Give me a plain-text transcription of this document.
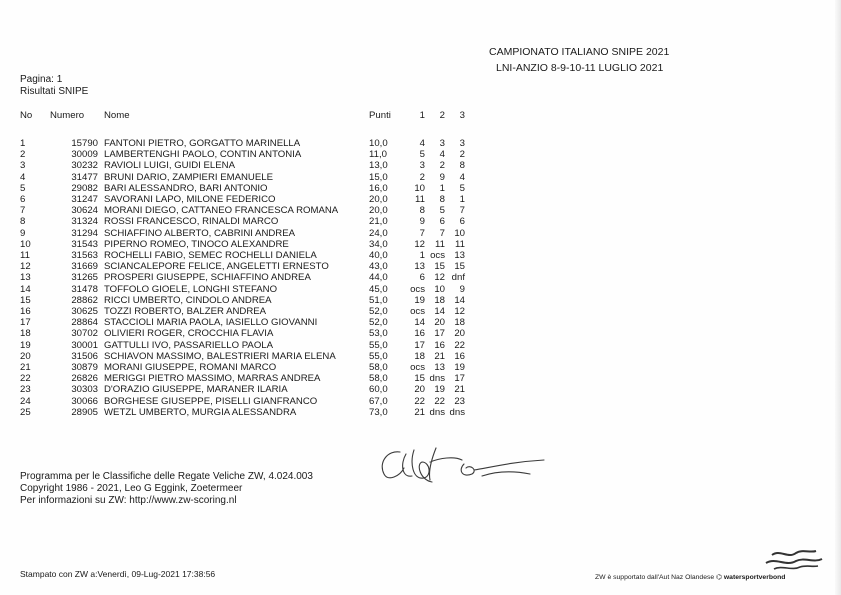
CAMPIONATO ITALIANO SNIPE 2021
LNI-ANZIO 8-9-10-11 LUGLIO 2021
Pagina: 1
Risultati SNIPE
No	Numero	Nome	Punti	1	2	3

1	15790	FANTONI PIETRO, GORGATTO MARINELLA	10,0	4	3	3
2	30009	LAMBERTENGHI PAOLO, CONTIN ANTONIA	11,0	5	4	2
3	30232	RAVIOLI LUIGI, GUIDI ELENA	13,0	3	2	8
4	31477	BRUNI DARIO, ZAMPIERI EMANUELE	15,0	2	9	4
5	29082	BARI ALESSANDRO, BARI ANTONIO	16,0	10	1	5
6	31247	SAVORANI LAPO, MILONE FEDERICO	20,0	11	8	1
7	30624	MORANI DIEGO, CATTANEO FRANCESCA ROMANA	20,0	8	5	7
8	31324	ROSSI FRANCESCO, RINALDI MARCO	21,0	9	6	6
9	31294	SCHIAFFINO ALBERTO, CABRINI ANDREA	24,0	7	7	10
10	31543	PIPERNO ROMEO, TINOCO ALEXANDRE	34,0	12	11	11
11	31563	ROCHELLI FABIO, SEMEC ROCHELLI DANIELA	40,0	1	ocs	13
12	31669	SCIANCALEPORE FELICE, ANGELETTI ERNESTO	43,0	13	15	15
13	31265	PROSPERI GIUSEPPE, SCHIAFFINO ANDREA	44,0	6	12	dnf
14	31478	TOFFOLO GIOELE, LONGHI STEFANO	45,0	ocs	10	9
15	28862	RICCI UMBERTO, CINDOLO ANDREA	51,0	19	18	14
16	30625	TOZZI ROBERTO, BALZER ANDREA	52,0	ocs	14	12
17	28864	STACCIOLI MARIA PAOLA, IASIELLO GIOVANNI	52,0	14	20	18
18	30702	OLIVIERI ROGER, CROCCHIA FLAVIA	53,0	16	17	20
19	30001	GATTULLI IVO, PASSARIELLO PAOLA	55,0	17	16	22
20	31506	SCHIAVON MASSIMO, BALESTRIERI MARIA ELENA	55,0	18	21	16
21	30879	MORANI GIUSEPPE, ROMANI MARCO	58,0	ocs	13	19
22	26826	MERIGGI PIETRO MASSIMO, MARRAS ANDREA	58,0	15	dns	17
23	30303	D'ORAZIO GIUSEPPE, MARANER ILARIA	60,0	20	19	21
24	30066	BORGHESE GIUSEPPE, PISELLI GIANFRANCO	67,0	22	22	23
25	28905	WETZL UMBERTO, MURGIA ALESSANDRA	73,0	21	dns	dns
Programma per le Classifiche delle Regate Veliche ZW, 4.024.003
Copyright 1986 - 2021, Leo G Eggink, Zoetermeer
Per informazioni su ZW: http://www.zw-scoring.nl
Stampato con ZW a:Venerdì, 09-Lug-2021 17:38:56	ZW è supportato dall'Aut Naz Olandese ⌬ watersportverbond
